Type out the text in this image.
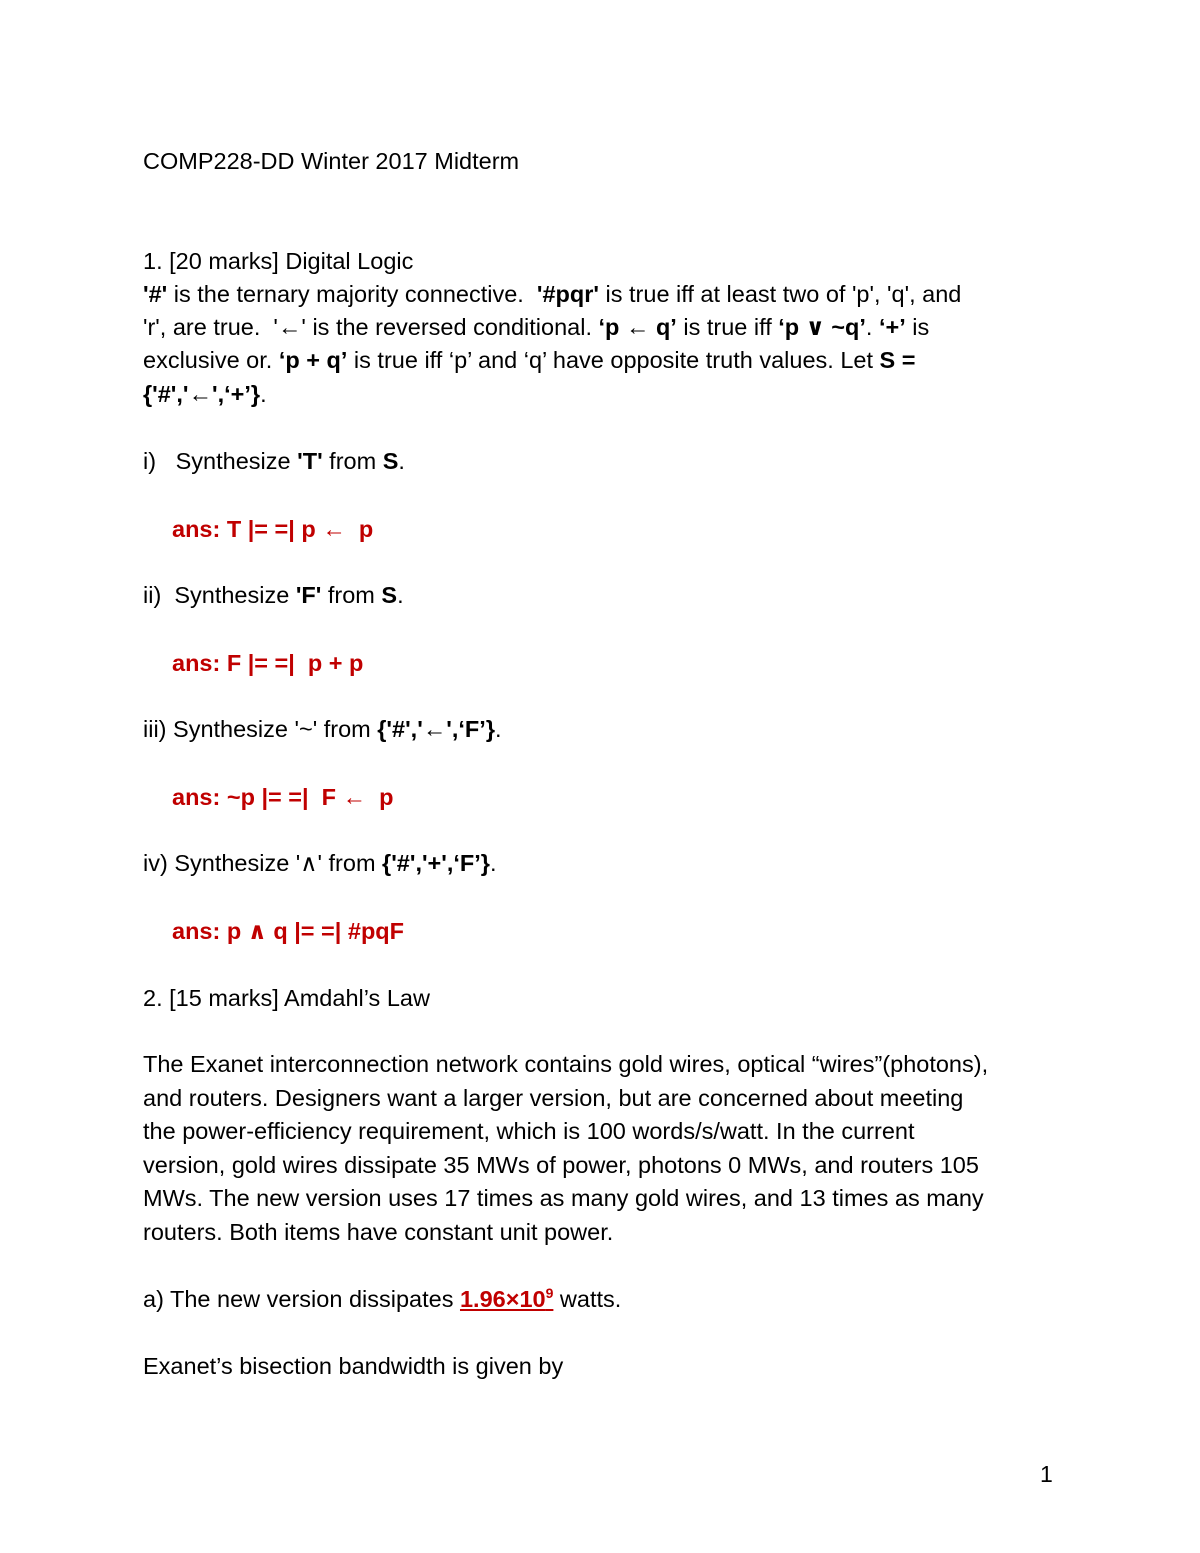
COMP228-DD Winter 2017 Midterm
1. [20 marks] Digital Logic
'#' is the ternary majority connective.  '#pqr' is true iff at least two of 'p', 'q', and
'r', are true.  '←' is the reversed conditional. ‘p ← q’ is true iff ‘p ∨ ~q’. ‘+’ is
exclusive or. ‘p + q’ is true iff ‘p’ and ‘q’ have opposite truth values. Let S =
{'#','←',‘+’}.
i)   Synthesize 'T' from S.
ans: T |= =| p ←  p
ii)  Synthesize 'F' from S.
ans: F |= =|  p + p
iii) Synthesize '~' from {'#','←',‘F’}.
ans: ~p |= =|  F ←  p
iv) Synthesize '∧' from {'#','+',‘F’}.
ans: p ∧ q |= =| #pqF
2. [15 marks] Amdahl’s Law
The Exanet interconnection network contains gold wires, optical “wires”(photons),
and routers. Designers want a larger version, but are concerned about meeting
the power-efficiency requirement, which is 100 words/s/watt. In the current
version, gold wires dissipate 35 MWs of power, photons 0 MWs, and routers 105
MWs. The new version uses 17 times as many gold wires, and 13 times as many
routers. Both items have constant unit power.
a) The new version dissipates $1.96\times 10^9$ watts.
Exanet’s bisection bandwidth is given by
1
